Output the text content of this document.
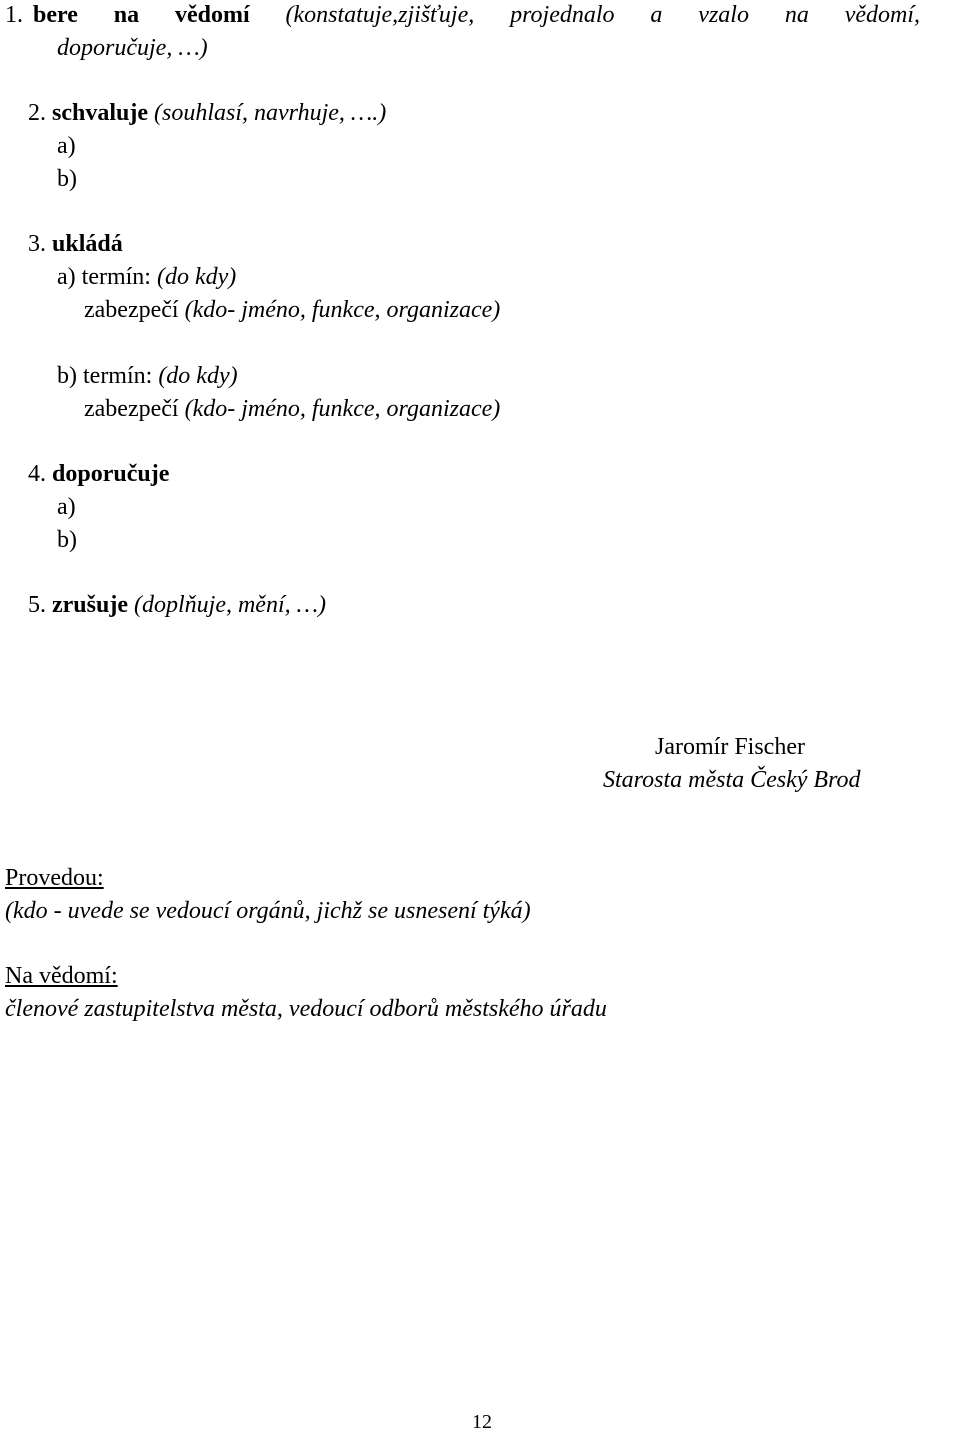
1. bere na vědomí (konstatuje,zjišťuje, projednalo a vzalo na vědomí,
doporučuje, …)
2. schvaluje (souhlasí, navrhuje, ….)
a)
b)
3. ukládá
a) termín: (do kdy)
zabezpečí (kdo- jméno, funkce, organizace)
b) termín: (do kdy)
zabezpečí (kdo- jméno, funkce, organizace)
4. doporučuje
a)
b)
5. zrušuje (doplňuje, mění, …)
Jaromír Fischer
Starosta města Český Brod
Provedou:
(kdo - uvede se vedoucí orgánů, jichž se usnesení týká)
Na vědomí:
členové zastupitelstva města, vedoucí odborů městského úřadu
12
